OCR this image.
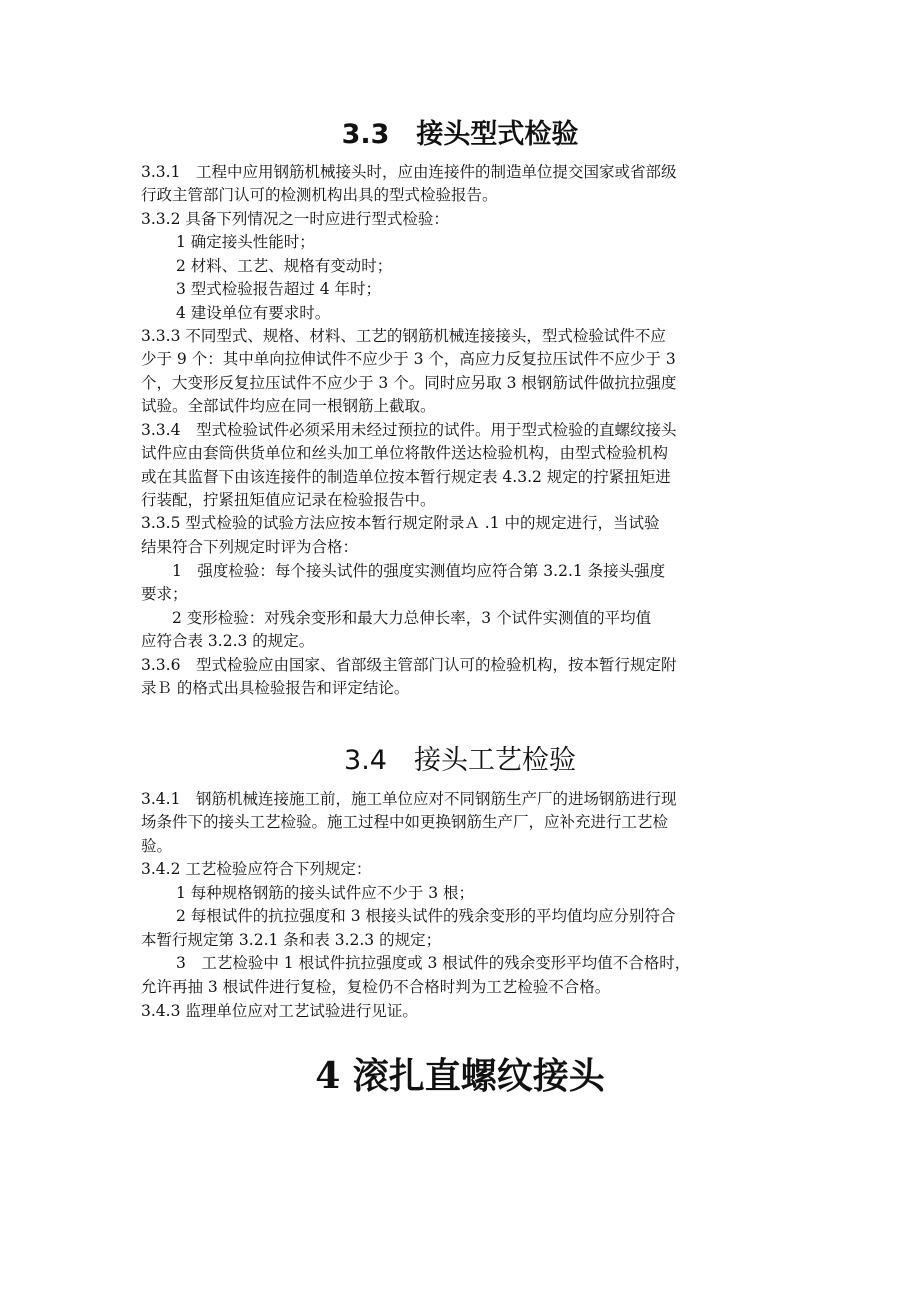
3.3　接头型式检验

3.3.1　工程中应用钢筋机械接头时，应由连接件的制造单位提交国家或省部级

行政主管部门认可的检测机构出具的型式检验报告。

3.3.2 具备下列情况之一时应进行型式检验：

1 确定接头性能时；

2 材料、工艺、规格有变动时；

3 型式检验报告超过 4 年时；

4 建设单位有要求时。

3.3.3 不同型式、规格、材料、工艺的钢筋机械连接接头，型式检验试件不应

少于 9 个：其中单向拉伸试件不应少于 3 个，高应力反复拉压试件不应少于 3

个，大变形反复拉压试件不应少于 3 个。同时应另取 3 根钢筋试件做抗拉强度

试验。全部试件均应在同一根钢筋上截取。

3.3.4　型式检验试件必须采用未经过预拉的试件。用于型式检验的直螺纹接头

试件应由套筒供货单位和丝头加工单位将散件送达检验机构，由型式检验机构

或在其监督下由该连接件的制造单位按本暂行规定表 4.3.2 规定的拧紧扭矩进

行装配，拧紧扭矩值应记录在检验报告中。

3.3.5 型式检验的试验方法应按本暂行规定附录Ａ .1 中的规定进行，当试验

结果符合下列规定时评为合格：

　　1　强度检验：每个接头试件的强度实测值均应符合第 3.2.1 条接头强度

要求；

　　2 变形检验：对残余变形和最大力总伸长率，3 个试件实测值的平均值

应符合表 3.2.3 的规定。

3.3.6　型式检验应由国家、省部级主管部门认可的检验机构，按本暂行规定附

录Ｂ 的格式出具检验报告和评定结论。

3.4　接头工艺检验

3.4.1　钢筋机械连接施工前，施工单位应对不同钢筋生产厂的进场钢筋进行现

场条件下的接头工艺检验。施工过程中如更换钢筋生产厂，应补充进行工艺检

验。

3.4.2 工艺检验应符合下列规定：

1 每种规格钢筋的接头试件应不少于 3 根；

2 每根试件的抗拉强度和 3 根接头试件的残余变形的平均值均应分别符合

本暂行规定第 3.2.1 条和表 3.2.3 的规定；

3　工艺检验中 1 根试件抗拉强度或 3 根试件的残余变形平均值不合格时，

允许再抽 3 根试件进行复检，复检仍不合格时判为工艺检验不合格。

3.4.3 监理单位应对工艺试验进行见证。

4 滚扎直螺纹接头
